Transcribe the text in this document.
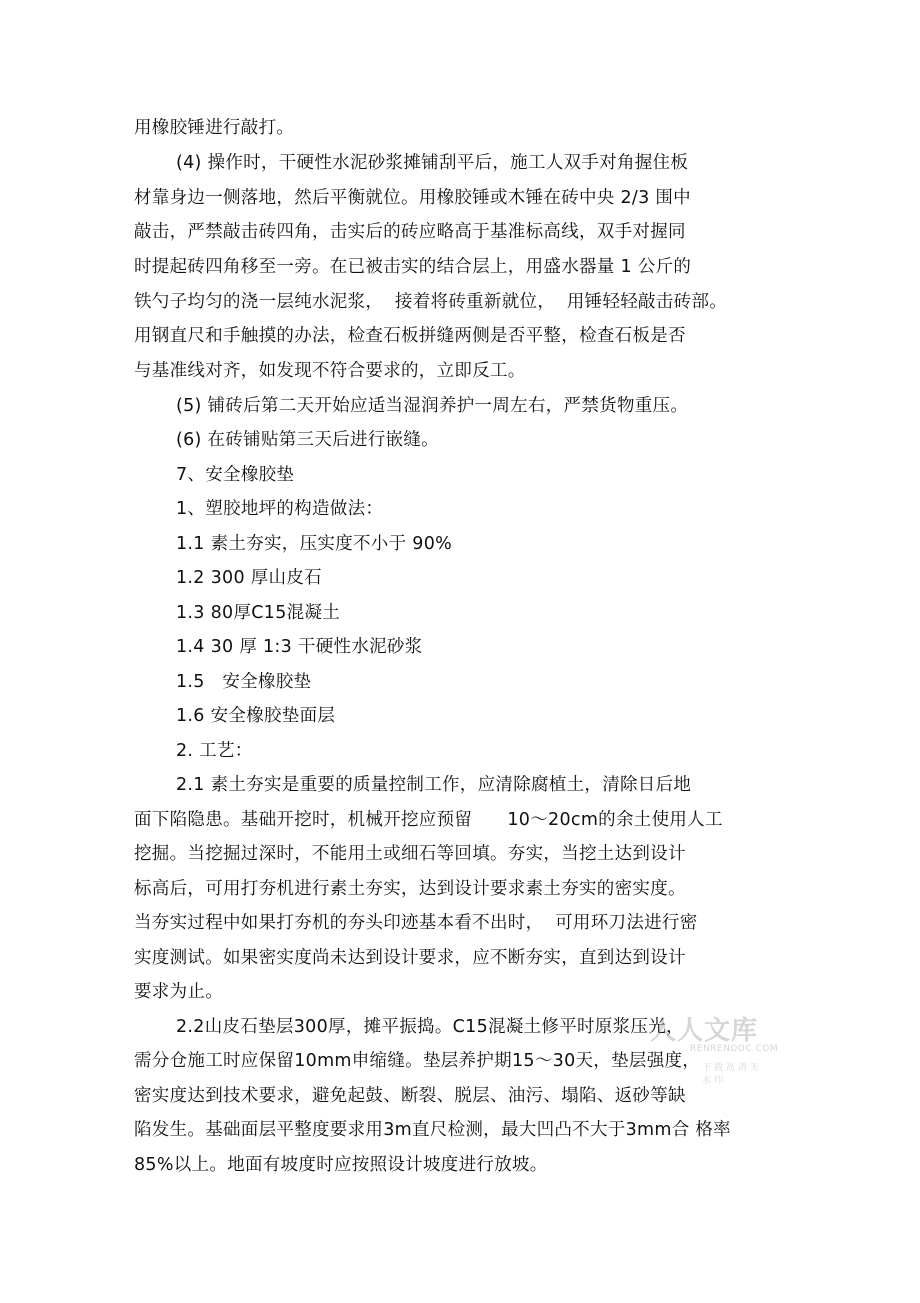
用橡胶锤进行敲打。
(4) 操作时，干硬性水泥砂浆摊铺刮平后，施工人双手对角握住板
材靠身边一侧落地，然后平衡就位。用橡胶锤或木锤在砖中央 2/3 围中
敲击，严禁敲击砖四角，击实后的砖应略高于基准标高线，双手对握同
时提起砖四角移至一旁。在已被击实的结合层上，用盛水器量 1 公斤的
铁勺子均匀的浇一层纯水泥浆，  接着将砖重新就位，  用锤轻轻敲击砖部。
用钢直尺和手触摸的办法，检查石板拼缝两侧是否平整，检查石板是否
与基准线对齐，如发现不符合要求的，立即反工。
(5) 铺砖后第二天开始应适当湿润养护一周左右，严禁货物重压。
(6) 在砖铺贴第三天后进行嵌缝。
7、安全橡胶垫
1、塑胶地坪的构造做法：
1.1 素土夯实，压实度不小于 90%
1.2 300 厚山皮石
1.3 80厚C15混凝土
1.4 30 厚 1:3 干硬性水泥砂浆
1.5   安全橡胶垫
1.6 安全橡胶垫面层
2. 工艺：
2.1 素土夯实是重要的质量控制工作，应清除腐植土，清除日后地
面下陷隐患。基础开挖时，机械开挖应预留      10～20cm的余土使用人工
挖掘。当挖掘过深时，不能用土或细石等回填。夯实，当挖土达到设计
标高后，可用打夯机进行素土夯实，达到设计要求素土夯实的密实度。
当夯实过程中如果打夯机的夯头印迹基本看不出时，  可用环刀法进行密
实度测试。如果密实度尚未达到设计要求，应不断夯实，直到达到设计
要求为止。
2.2山皮石垫层300厚，摊平振捣。C15混凝土修平时原浆压光，
需分仓施工时应保留10mm申缩缝。垫层养护期15～30天，垫层强度，
密实度达到技术要求，避免起鼓、断裂、脱层、油污、塌陷、返砂等缺
陷发生。基础面层平整度要求用3m直尺检测，最大凹凸不大于3mm合 格率
85%以上。地面有坡度时应按照设计坡度进行放坡。
人人文库
RENRENDOC.COM
下载高清无水印
